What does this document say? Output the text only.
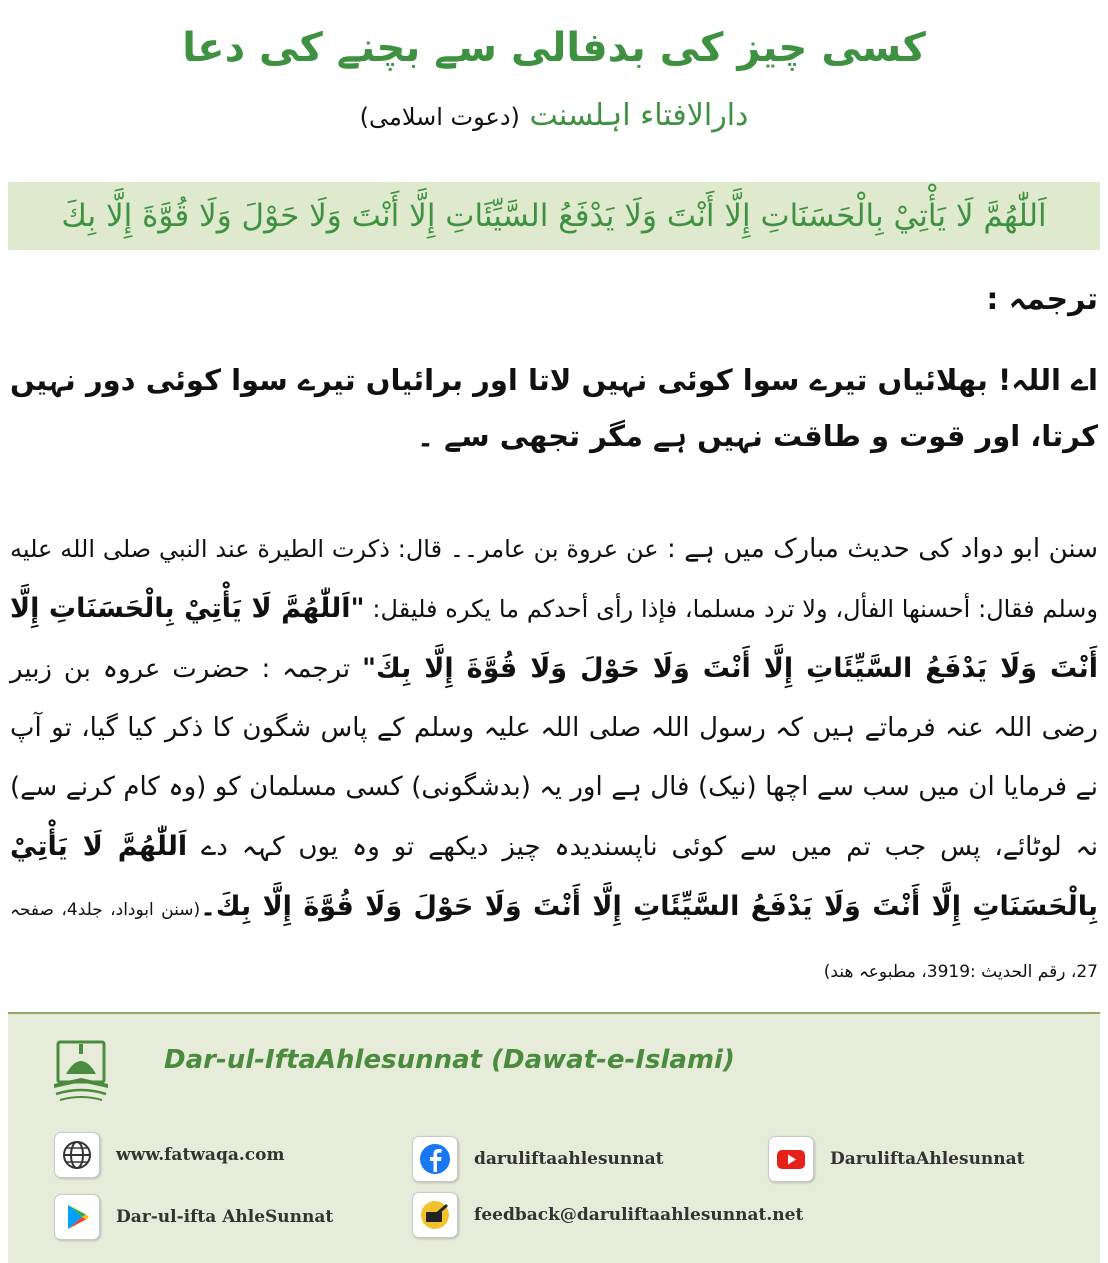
کسی چیز کی بدفالی سے بچنے کی دعا
دارالافتاء اہلسنت (دعوت اسلامی)
اَللّٰهُمَّ لَا يَأْتِيْ بِالْحَسَنَاتِ إِلَّا أَنْتَ وَلَا يَدْفَعُ السَّيِّئَاتِ إِلَّا أَنْتَ وَلَا حَوْلَ وَلَا قُوَّةَ إِلَّا بِكَ
ترجمہ :

اے اللہ! بھلائیاں تیرے سوا کوئی نہیں لاتا اور برائیاں تیرے سوا کوئی دور نہیں کرتا، اور قوت و طاقت نہیں ہے مگر تجھی سے ۔

سنن ابو دواد کی حدیث مبارک میں ہے : عن عروة بن عامر۔۔ قال: ذكرت الطيرة عند النبي صلى الله عليه وسلم فقال: أحسنها الفأل، ولا ترد مسلما، فإذا رأى أحدكم ما يكره فليقل: "اَللّٰهُمَّ لَا يَأْتِيْ بِالْحَسَنَاتِ إِلَّا أَنْتَ وَلَا يَدْفَعُ السَّيِّئَاتِ إِلَّا أَنْتَ وَلَا حَوْلَ وَلَا قُوَّةَ إِلَّا بِكَ" ترجمہ : حضرت عروہ بن زبیر رضی اللہ عنہ فرماتے ہیں کہ رسول اللہ صلی اللہ علیہ وسلم کے پاس شگون کا ذکر کیا گیا، تو آپ نے فرمایا ان میں سب سے اچھا (نیک) فال ہے اور یہ (بدشگونی) کسی مسلمان کو (وہ کام کرنے سے) نہ لوٹائے، پس جب تم میں سے کوئی ناپسندیدہ چیز دیکھے تو وہ یوں کہہ دے اَللّٰهُمَّ لَا يَأْتِيْ بِالْحَسَنَاتِ إِلَّا أَنْتَ وَلَا يَدْفَعُ السَّيِّئَاتِ إِلَّا أَنْتَ وَلَا حَوْلَ وَلَا قُوَّةَ إِلَّا بِكَ۔(سنن ابوداد، جلد4، صفحہ 27، رقم الحدیث :3919، مطبوعہ ھند)

Dar-ul-IftaAhlesunnat (Dawat-e-Islami)
www.fatwaqa.com	daruliftaahlesunnat	DaruliftaAhlesunnat
Dar-ul-ifta AhleSunnat	feedback@daruliftaahlesunnat.net
